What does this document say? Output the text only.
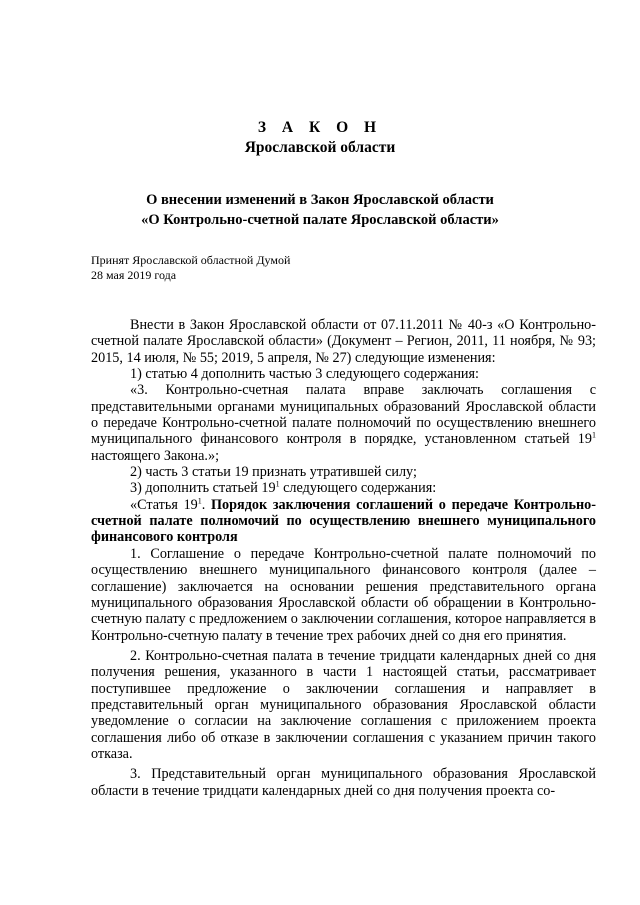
З А К О Н
Ярославской области
О внесении изменений в Закон Ярославской области
«О Контрольно-счетной палате Ярославской области»
Принят Ярославской областной Думой
28 мая 2019 года

Внести в Закон Ярославской области от 07.11.2011 № 40-з «О Контрольно-счетной палате Ярославской области» (Документ – Регион, 2011, 11 ноября, № 93; 2015, 14 июля, № 55; 2019, 5 апреля, № 27) следующие изменения:

1) статью 4 дополнить частью 3 следующего содержания:

«3. Контрольно-счетная палата вправе заключать соглашения с представительными органами муниципальных образований Ярославской области о передаче Контрольно-счетной палате полномочий по осуществлению внешнего муниципального финансового контроля в порядке, установленном статьей $19^1$ настоящего Закона.»;

2) часть 3 статьи 19 признать утратившей силу;

3) дополнить статьей $19^1$ следующего содержания:

«Статья $19^1$. Порядок заключения соглашений о передаче Контрольно-счетной палате полномочий по осуществлению внешнего муниципального финансового контроля

1. Соглашение о передаче Контрольно-счетной палате полномочий по осуществлению внешнего муниципального финансового контроля (далее – соглашение) заключается на основании решения представительного органа муниципального образования Ярославской области об обращении в Контрольно-счетную палату с предложением о заключении соглашения, которое направляется в Контрольно-счетную палату в течение трех рабочих дней со дня его принятия.

2. Контрольно-счетная палата в течение тридцати календарных дней со дня получения решения, указанного в части 1 настоящей статьи, рассматривает поступившее предложение о заключении соглашения и направляет в представительный орган муниципального образования Ярославской области уведомление о согласии на заключение соглашения с приложением проекта соглашения либо об отказе в заключении соглашения с указанием причин такого отказа.

3. Представительный орган муниципального образования Ярославской области в течение тридцати календарных дней со дня получения проекта со-
